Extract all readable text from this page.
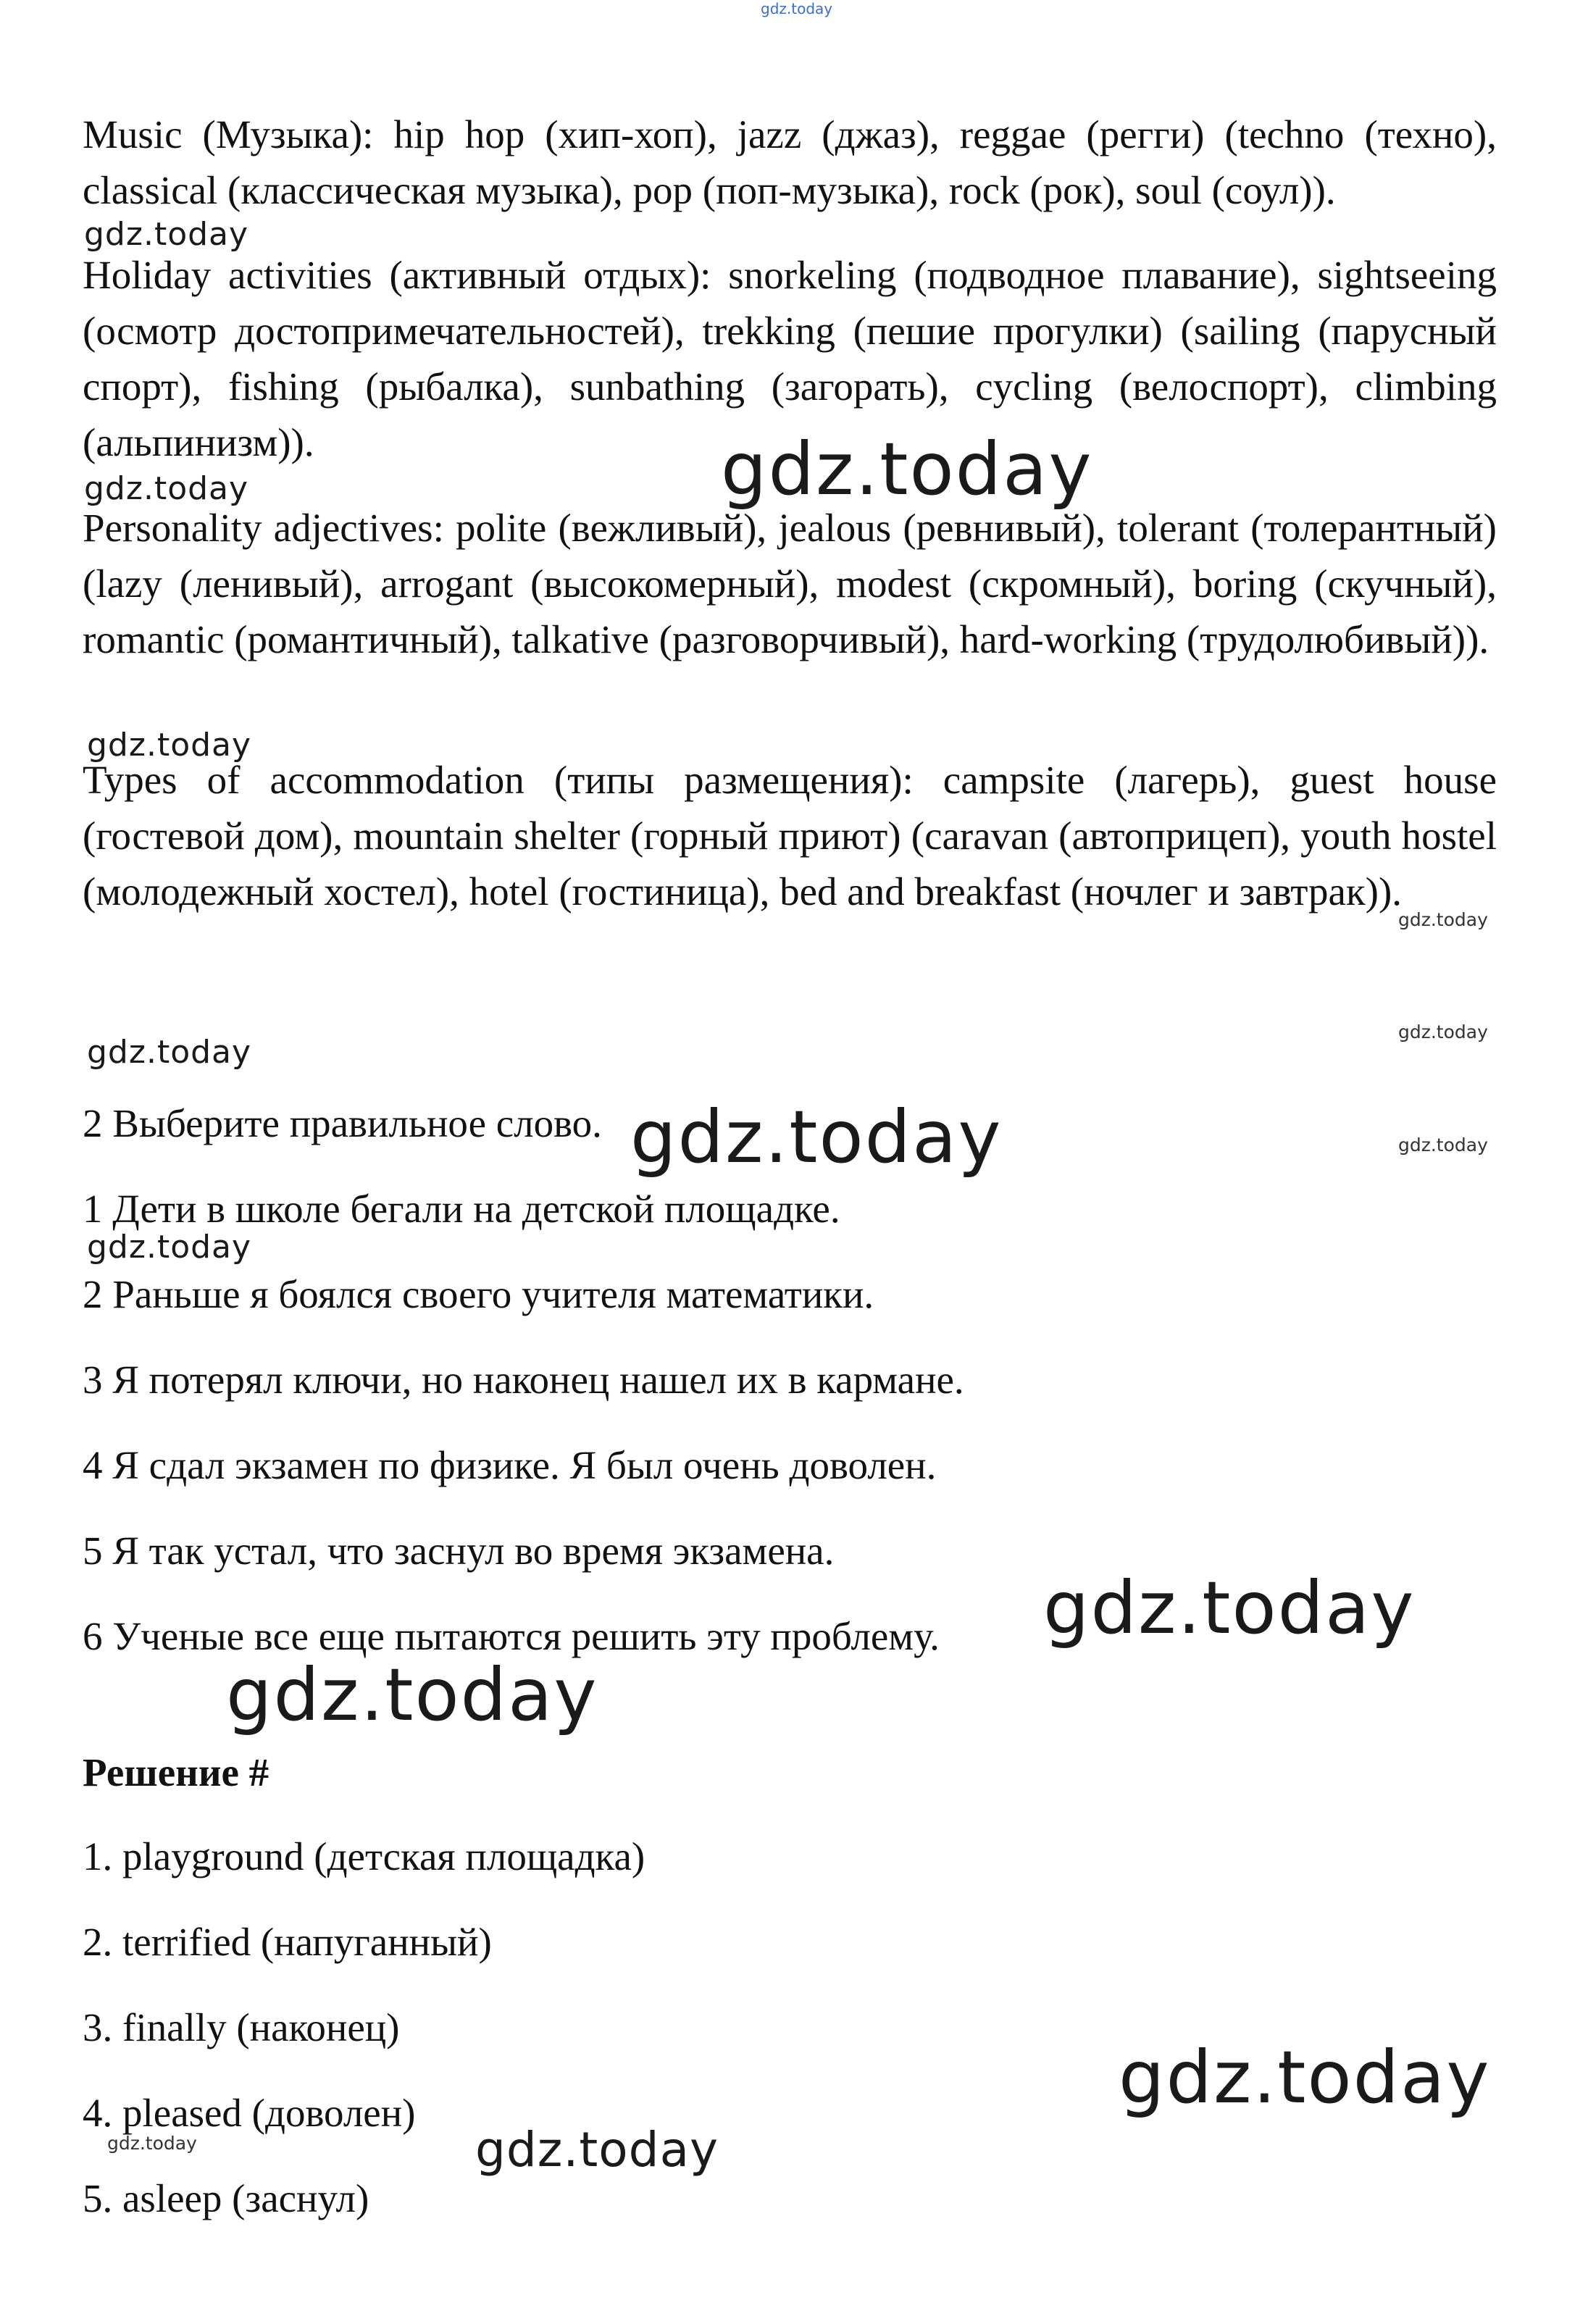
gdz.today

Music (Музыка): hip hop (хип-хоп), jazz (джаз), reggae (регги) (techno (техно), classical (классическая музыка), pop (поп-музыка), rock (рок), soul (соул)).

gdz.today

Holiday activities (активный отдых): snorkeling (подводное плавание), sightseeing (осмотр достопримечательностей), trekking (пешие прогулки) (sailing (парусный спорт), fishing (рыбалка), sunbathing (загорать), cycling (велоспорт), climbing (альпинизм)).	gdz.today
gdz.today

Personality adjectives: polite (вежливый), jealous (ревнивый), tolerant (толерантный) (lazy (ленивый), arrogant (высокомерный), modest (скромный), boring (скучный), romantic (романтичный), talkative (разговорчивый), hard-working (трудолюбивый)).

gdz.today

Types of accommodation (типы размещения): campsite (лагерь), guest house (гостевой дом), mountain shelter (горный приют) (caravan (автоприцеп), youth hostel (молодежный хостел), hotel (гостиница), bed and breakfast (ночлег и завтрак)).

gdz.today
gdz.today
gdz.today
2 Выберите правильное слово. gdz.today	gdz.today
1 Дети в школе бегали на детской площадке.
gdz.today
2 Раньше я боялся своего учителя математики.
3 Я потерял ключи, но наконец нашел их в кармане.
4 Я сдал экзамен по физике. Я был очень доволен.
5 Я так устал, что заснул во время экзамена.
gdz.today
6 Ученые все еще пытаются решить эту проблему.
gdz.today
Решение #
1. playground (детская площадка)
2. terrified (напуганный)
3. finally (наконец)
gdz.today
4. pleased (доволен)
gdz.today	gdz.today
5. asleep (заснул)
